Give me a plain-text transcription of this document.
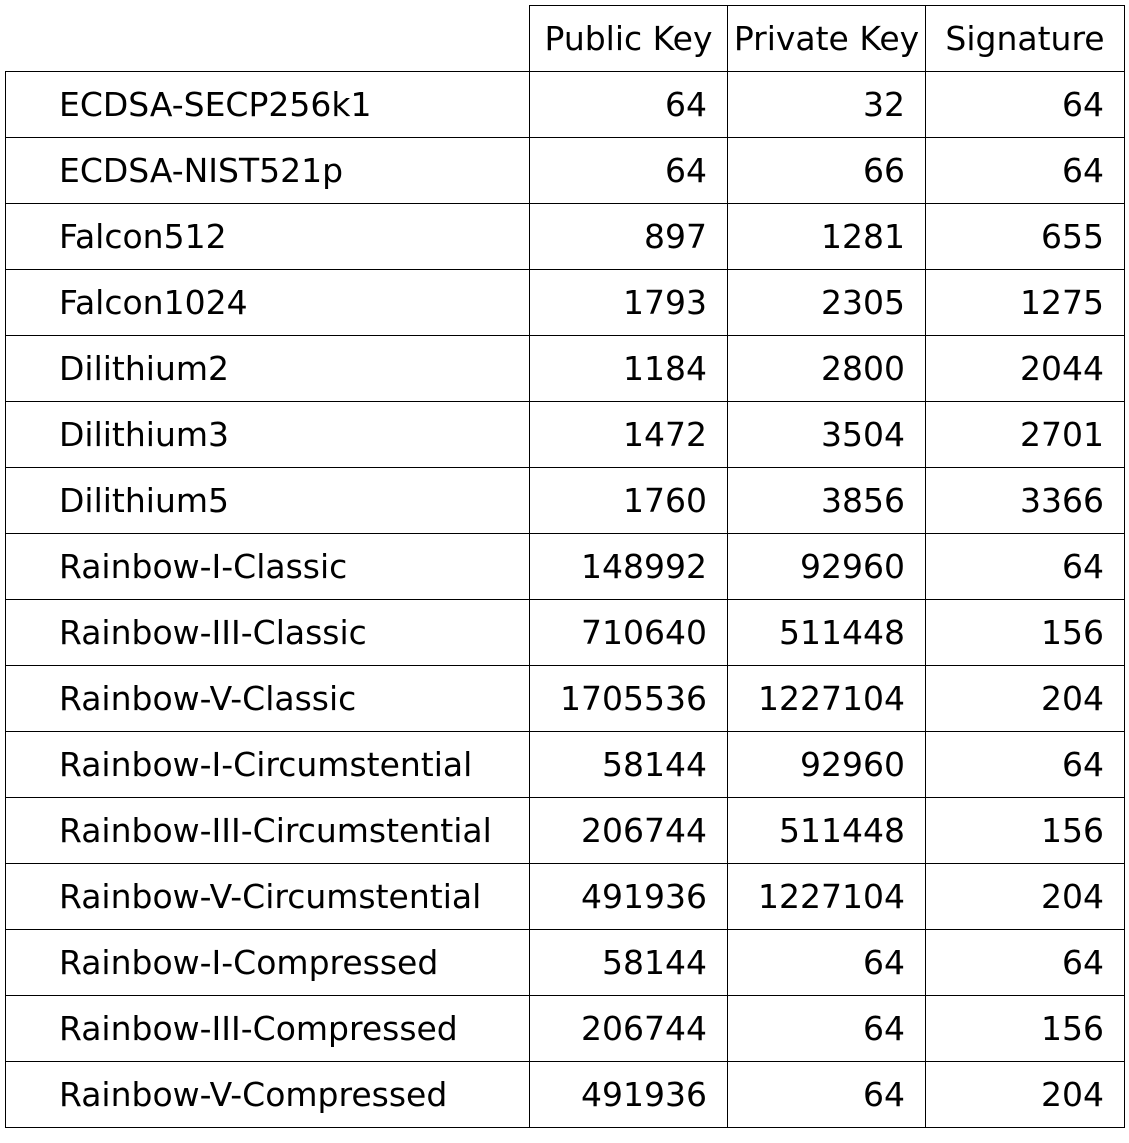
	Public Key	Private Key	Signature
ECDSA-SECP256k1	64	32	64
ECDSA-NIST521p	64	66	64
Falcon512	897	1281	655
Falcon1024	1793	2305	1275
Dilithium2	1184	2800	2044
Dilithium3	1472	3504	2701
Dilithium5	1760	3856	3366
Rainbow-I-Classic	148992	92960	64
Rainbow-III-Classic	710640	511448	156
Rainbow-V-Classic	1705536	1227104	204
Rainbow-I-Circumstential	58144	92960	64
Rainbow-III-Circumstential	206744	511448	156
Rainbow-V-Circumstential	491936	1227104	204
Rainbow-I-Compressed	58144	64	64
Rainbow-III-Compressed	206744	64	156
Rainbow-V-Compressed	491936	64	204
